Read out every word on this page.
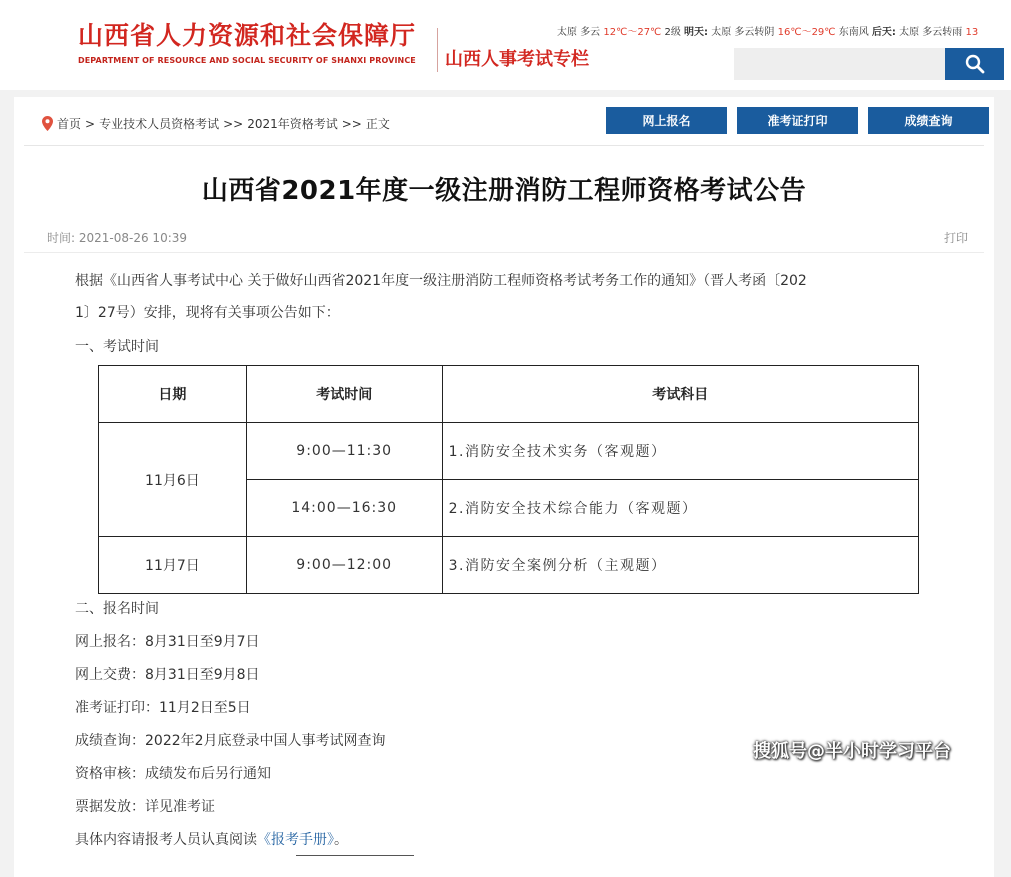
山西省人力资源和社会保障厅
DEPARTMENT OF RESOURCE AND SOCIAL SECURITY OF SHANXI PROVINCE 山西人事考试专栏
太原 多云 12℃～27℃ 2级 明天: 太原 多云转阴 16℃～29℃ 东南风 后天: 太原 多云转雨 13
首页 > 专业技术人员资格考试 >> 2021年资格考试 >> 正文	网上报名	准考证打印	成绩查询
山西省2021年度一级注册消防工程师资格考试公告
时间: 2021-08-26 10:39	打印
根据《山西省人事考试中心 关于做好山西省2021年度一级注册消防工程师资格考试考务工作的通知》（晋人考函〔202
1〕27号）安排，现将有关事项公告如下：
一、考试时间
日期	考试时间	考试科目
11月6日	9:00—11:30	1.消防安全技术实务（客观题）
	14:00—16:30	2.消防安全技术综合能力（客观题）
11月7日	9:00—12:00	3.消防安全案例分析（主观题）
二、报名时间
网上报名：8月31日至9月7日
网上交费：8月31日至9月8日
准考证打印：11月2日至5日
成绩查询：2022年2月底登录中国人事考试网查询
资格审核：成绩发布后另行通知
票据发放：详见准考证
具体内容请报考人员认真阅读《报考手册》。
搜狐号@半小时学习平台
